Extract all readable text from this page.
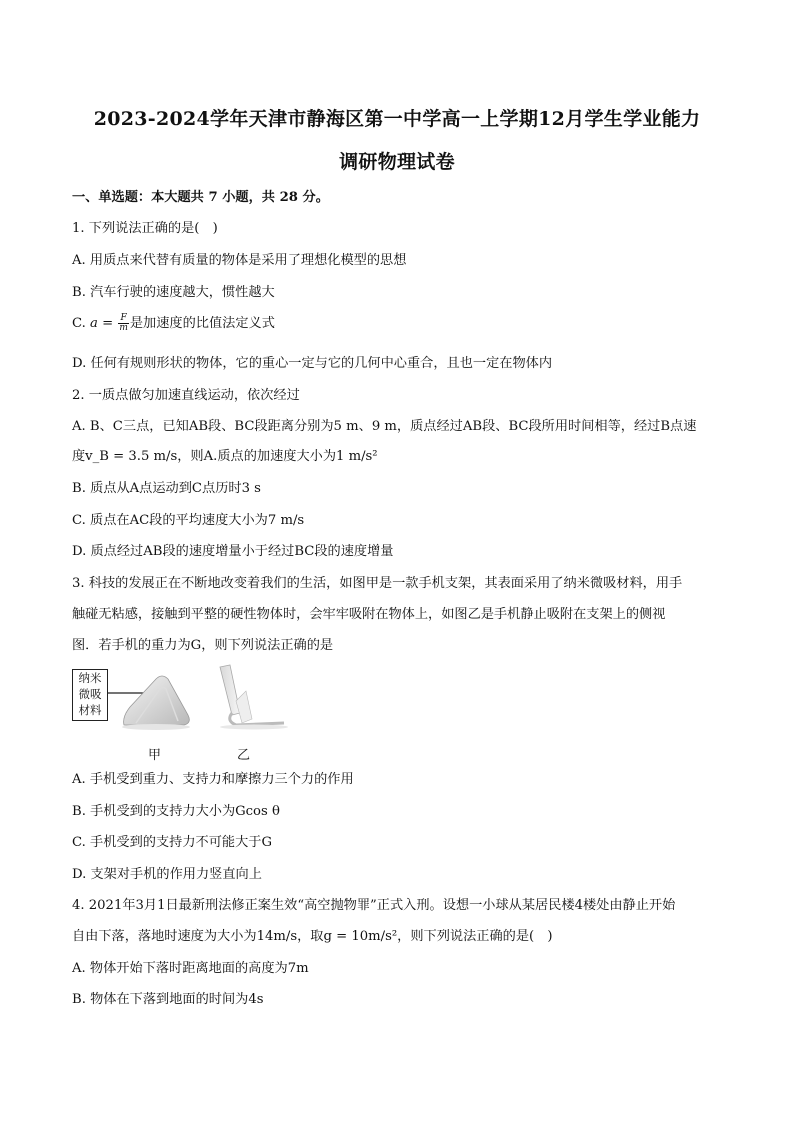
2023-2024学年天津市静海区第一中学高一上学期12月学生学业能力
调研物理试卷
一、单选题：本大题共 7 小题，共 28 分。
1. 下列说法正确的是(　)
A. 用质点来代替有质量的物体是采用了理想化模型的思想
B. 汽车行驶的速度越大，惯性越大
C. $a = \frac{F}{m}$ 是加速度的比值法定义式
D. 任何有规则形状的物体，它的重心一定与它的几何中心重合，且也一定在物体内
2. 一质点做匀加速直线运动，依次经过
A. B、C三点，已知AB段、BC段距离分别为5 m、9 m，质点经过AB段、BC段所用时间相等，经过B点速
度v_B = 3.5 m/s，则A.质点的加速度大小为1 m/s²
B. 质点从A点运动到C点历时3 s
C. 质点在AC段的平均速度大小为7 m/s
D. 质点经过AB段的速度增量小于经过BC段的速度增量
3. 科技的发展正在不断地改变着我们的生活，如图甲是一款手机支架，其表面采用了纳米微吸材料，用手
触碰无粘感，接触到平整的硬性物体时，会牢牢吸附在物体上，如图乙是手机静止吸附在支架上的侧视
图．若手机的重力为G，则下列说法正确的是
纳米
微吸
材料
甲	乙
A. 手机受到重力、支持力和摩擦力三个力的作用
B. 手机受到的支持力大小为Gcos θ
C. 手机受到的支持力不可能大于G
D. 支架对手机的作用力竖直向上
4. 2021年3月1日最新刑法修正案生效“高空抛物罪”正式入刑。设想一小球从某居民楼4楼处由静止开始
自由下落，落地时速度为大小为14m/s，取g = 10m/s²，则下列说法正确的是(　)
A. 物体开始下落时距离地面的高度为7m
B. 物体在下落到地面的时间为4s
